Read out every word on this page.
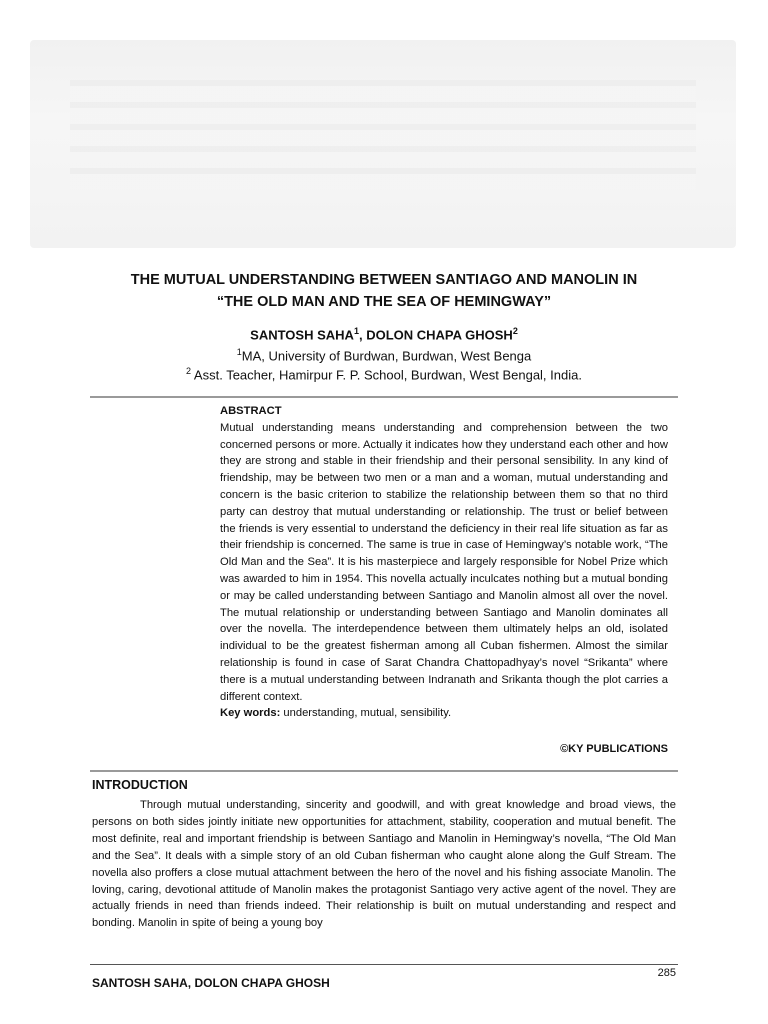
THE MUTUAL UNDERSTANDING BETWEEN SANTIAGO AND MANOLIN IN
“THE OLD MAN AND THE SEA OF HEMINGWAY”
SANTOSH SAHA$^1$, DOLON CHAPA GHOSH$^2$
$^1$MA, University of Burdwan, Burdwan, West Benga
$^2$ Asst. Teacher, Hamirpur F. P. School, Burdwan, West Bengal, India.

ABSTRACT

Mutual understanding means understanding and comprehension between the two concerned persons or more. Actually it indicates how they understand each other and how they are strong and stable in their friendship and their personal sensibility. In any kind of friendship, may be between two men or a man and a woman, mutual understanding and concern is the basic criterion to stabilize the relationship between them so that no third party can destroy that mutual understanding or relationship. The trust or belief between the friends is very essential to understand the deficiency in their real life situation as far as their friendship is concerned. The same is true in case of Hemingway’s notable work, “The Old Man and the Sea”. It is his masterpiece and largely responsible for Nobel Prize which was awarded to him in 1954. This novella actually inculcates nothing but a mutual bonding or may be called understanding between Santiago and Manolin almost all over the novel. The mutual relationship or understanding between Santiago and Manolin dominates all over the novella. The interdependence between them ultimately helps an old, isolated individual to be the greatest fisherman among all Cuban fishermen. Almost the similar relationship is found in case of Sarat Chandra Chattopadhyay’s novel “Srikanta” where there is a mutual understanding between Indranath and Srikanta though the plot carries a different context.

Key words: understanding, mutual, sensibility.

©KY PUBLICATIONS
INTRODUCTION

Through mutual understanding, sincerity and goodwill, and with great knowledge and broad views, the persons on both sides jointly initiate new opportunities for attachment, stability, cooperation and mutual benefit. The most definite, real and important friendship is between Santiago and Manolin in Hemingway’s novella, “The Old Man and the Sea”. It deals with a simple story of an old Cuban fisherman who caught alone along the Gulf Stream. The novella also proffers a close mutual attachment between the hero of the novel and his fishing associate Manolin. The loving, caring, devotional attitude of Manolin makes the protagonist Santiago very active agent of the novel. They are actually friends in need than friends indeed. Their relationship is built on mutual understanding and respect and bonding. Manolin in spite of being a young boy

285
SANTOSH SAHA, DOLON CHAPA GHOSH
